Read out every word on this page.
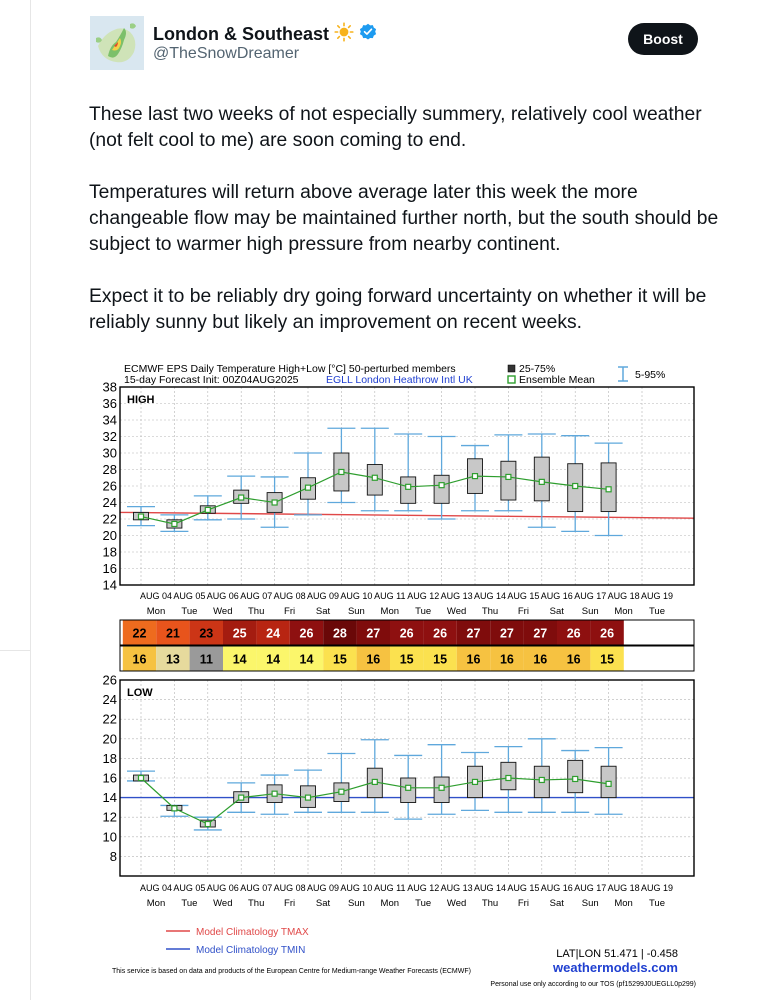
London & Southeast
@TheSnowDreamer
Boost

These last two weeks of not especially summery, relatively cool weather (not felt cool to me) are soon coming to end.

Temperatures will return above average later this week the more changeable flow may be maintained further north, but the south should be subject to warmer high pressure from nearby continent.

Expect it to be reliably dry going forward uncertainty on whether it will be reliably sunny but likely an improvement on recent weeks.

ECMWF EPS Daily Temperature High+Low [°C] 50-perturbed members
15-day Forecast Init: 00Z04AUG2025	EGLL London Heathrow Intl UK
25-75%
Ensemble Mean	5-95%
14
16
18
20
22
24
26
28
30
32
34
36
38
HIGH
AUG 04
Mon
AUG 05
Tue
AUG 06
Wed
AUG 07
Thu
AUG 08
Fri
AUG 09
Sat
AUG 10
Sun
AUG 11
Mon
AUG 12
Tue
AUG 13
Wed
AUG 14
Thu
AUG 15
Fri
AUG 16
Sat
AUG 17
Sun
AUG 18
Mon
AUG 19
Tue
22 21 23 25 24 26 28 27 26 26 27 27 27 26 26
16 13 11 14 14 14 15 16 15 15 16 16 16 16 15
8
10
12
14
16
18
20
22
24
26
LOW
AUG 04
Mon
AUG 05
Tue
AUG 06
Wed
AUG 07
Thu
AUG 08
Fri
AUG 09
Sat
AUG 10
Sun
AUG 11
Mon
AUG 12
Tue
AUG 13
Wed
AUG 14
Thu
AUG 15
Fri
AUG 16
Sat
AUG 17
Sun
AUG 18
Mon
AUG 19
Tue
Model Climatology TMAX
Model Climatology TMIN	LAT|LON 51.471 | -0.458
weathermodels.com
This service is based on data and products of the European Centre for Medium-range Weather Forecasts (ECMWF)
Personal use only according to our TOS (pf15299J0UEGLL0p299)
